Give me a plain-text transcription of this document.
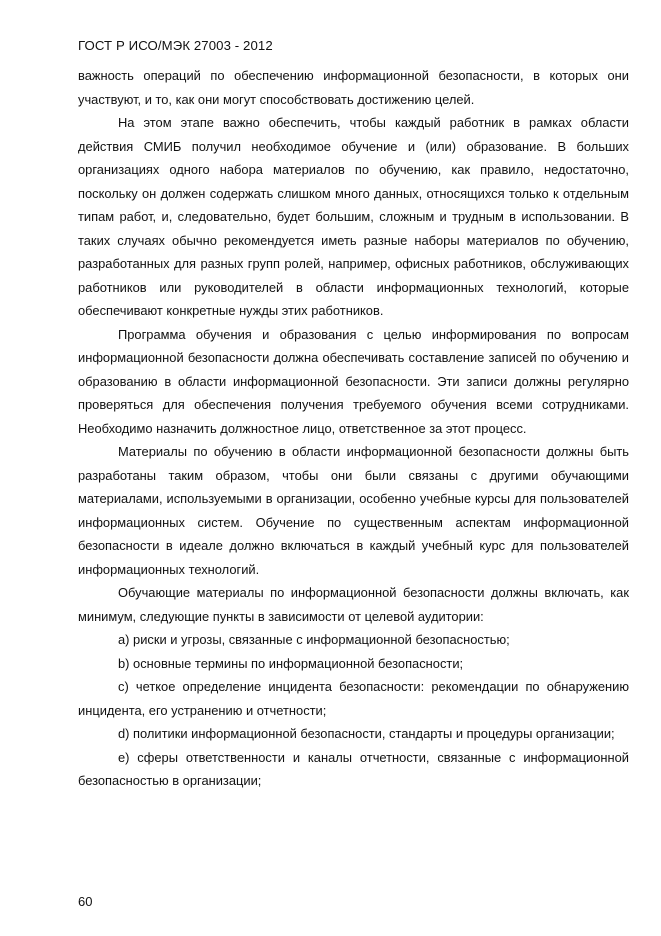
ГОСТ Р ИСО/МЭК 27003 - 2012

важность операций по обеспечению информационной безопасности, в которых они участвуют, и то, как они могут способствовать достижению целей.

На этом этапе важно обеспечить, чтобы каждый работник в рамках области действия СМИБ получил необходимое обучение и (или) образование. В больших организациях одного набора материалов по обучению, как правило, недостаточно, поскольку он должен содержать слишком много данных, относящихся только к отдельным типам работ, и, следовательно, будет большим, сложным и трудным в использовании. В таких случаях обычно рекомендуется иметь разные наборы материалов по обучению, разработанных для разных групп ролей, например, офисных работников, обслуживающих работников или руководителей в области информационных технологий, которые обеспечивают конкретные нужды этих работников.

Программа обучения и образования с целью информирования по вопросам информационной безопасности должна обеспечивать составление записей по обучению и образованию в области информационной безопасности. Эти записи должны регулярно проверяться для обеспечения получения требуемого обучения всеми сотрудниками. Необходимо назначить должностное лицо, ответственное за этот процесс.

Материалы по обучению в области информационной безопасности должны быть разработаны таким образом, чтобы они были связаны с другими обучающими материалами, используемыми в организации, особенно учебные курсы для пользователей информационных систем. Обучение по существенным аспектам информационной безопасности в идеале должно включаться в каждый учебный курс для пользователей информационных технологий.

Обучающие материалы по информационной безопасности должны включать, как минимум, следующие пункты в зависимости от целевой аудитории:

a) риски и угрозы, связанные с информационной безопасностью;

b) основные термины по информационной безопасности;

c) четкое определение инцидента безопасности: рекомендации по обнаружению инцидента, его устранению и отчетности;

d) политики информационной безопасности, стандарты и процедуры организации;

e) сферы ответственности и каналы отчетности, связанные с информационной безопасностью в организации;

60
